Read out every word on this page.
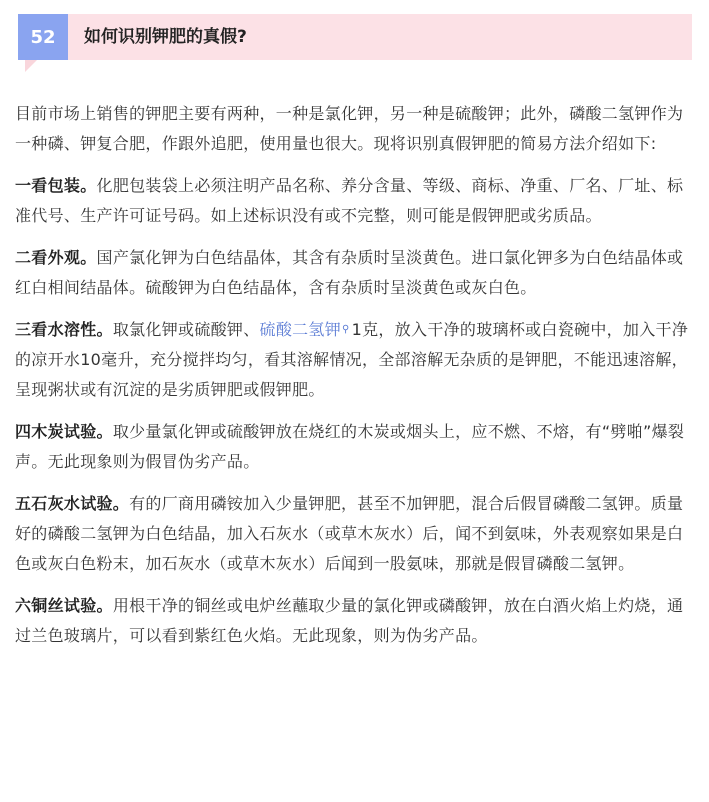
52 如何识别钾肥的真假?

目前市场上销售的钾肥主要有两种，一种是氯化钾，另一种是硫酸钾；此外，磷酸二氢钾作为一种磷、钾复合肥，作跟外追肥，使用量也很大。现将识别真假钾肥的简易方法介绍如下:

一看包装。化肥包装袋上必须注明产品名称、养分含量、等级、商标、净重、厂名、厂址、标准代号、生产许可证号码。如上述标识没有或不完整，则可能是假钾肥或劣质品。

二看外观。国产氯化钾为白色结晶体，其含有杂质时呈淡黄色。进口氯化钾多为白色结晶体或红白相间结晶体。硫酸钾为白色结晶体，含有杂质时呈淡黄色或灰白色。

三看水溶性。取氯化钾或硫酸钾、硫酸二氢钾⚲ 1克，放入干净的玻璃杯或白瓷碗中，加入干净的凉开水10毫升，充分搅拌均匀，看其溶解情况，全部溶解无杂质的是钾肥，不能迅速溶解，呈现粥状或有沉淀的是劣质钾肥或假钾肥。

四木炭试验。取少量氯化钾或硫酸钾放在烧红的木炭或烟头上，应不燃、不熔，有“劈啪”爆裂声。无此现象则为假冒伪劣产品。

五石灰水试验。有的厂商用磷铵加入少量钾肥，甚至不加钾肥，混合后假冒磷酸二氢钾。质量好的磷酸二氢钾为白色结晶，加入石灰水（或草木灰水）后，闻不到氨味，外表观察如果是白色或灰白色粉末，加石灰水（或草木灰水）后闻到一股氨味，那就是假冒磷酸二氢钾。

六铜丝试验。用根干净的铜丝或电炉丝蘸取少量的氯化钾或磷酸钾，放在白酒火焰上灼烧，通过兰色玻璃片，可以看到紫红色火焰。无此现象，则为伪劣产品。
